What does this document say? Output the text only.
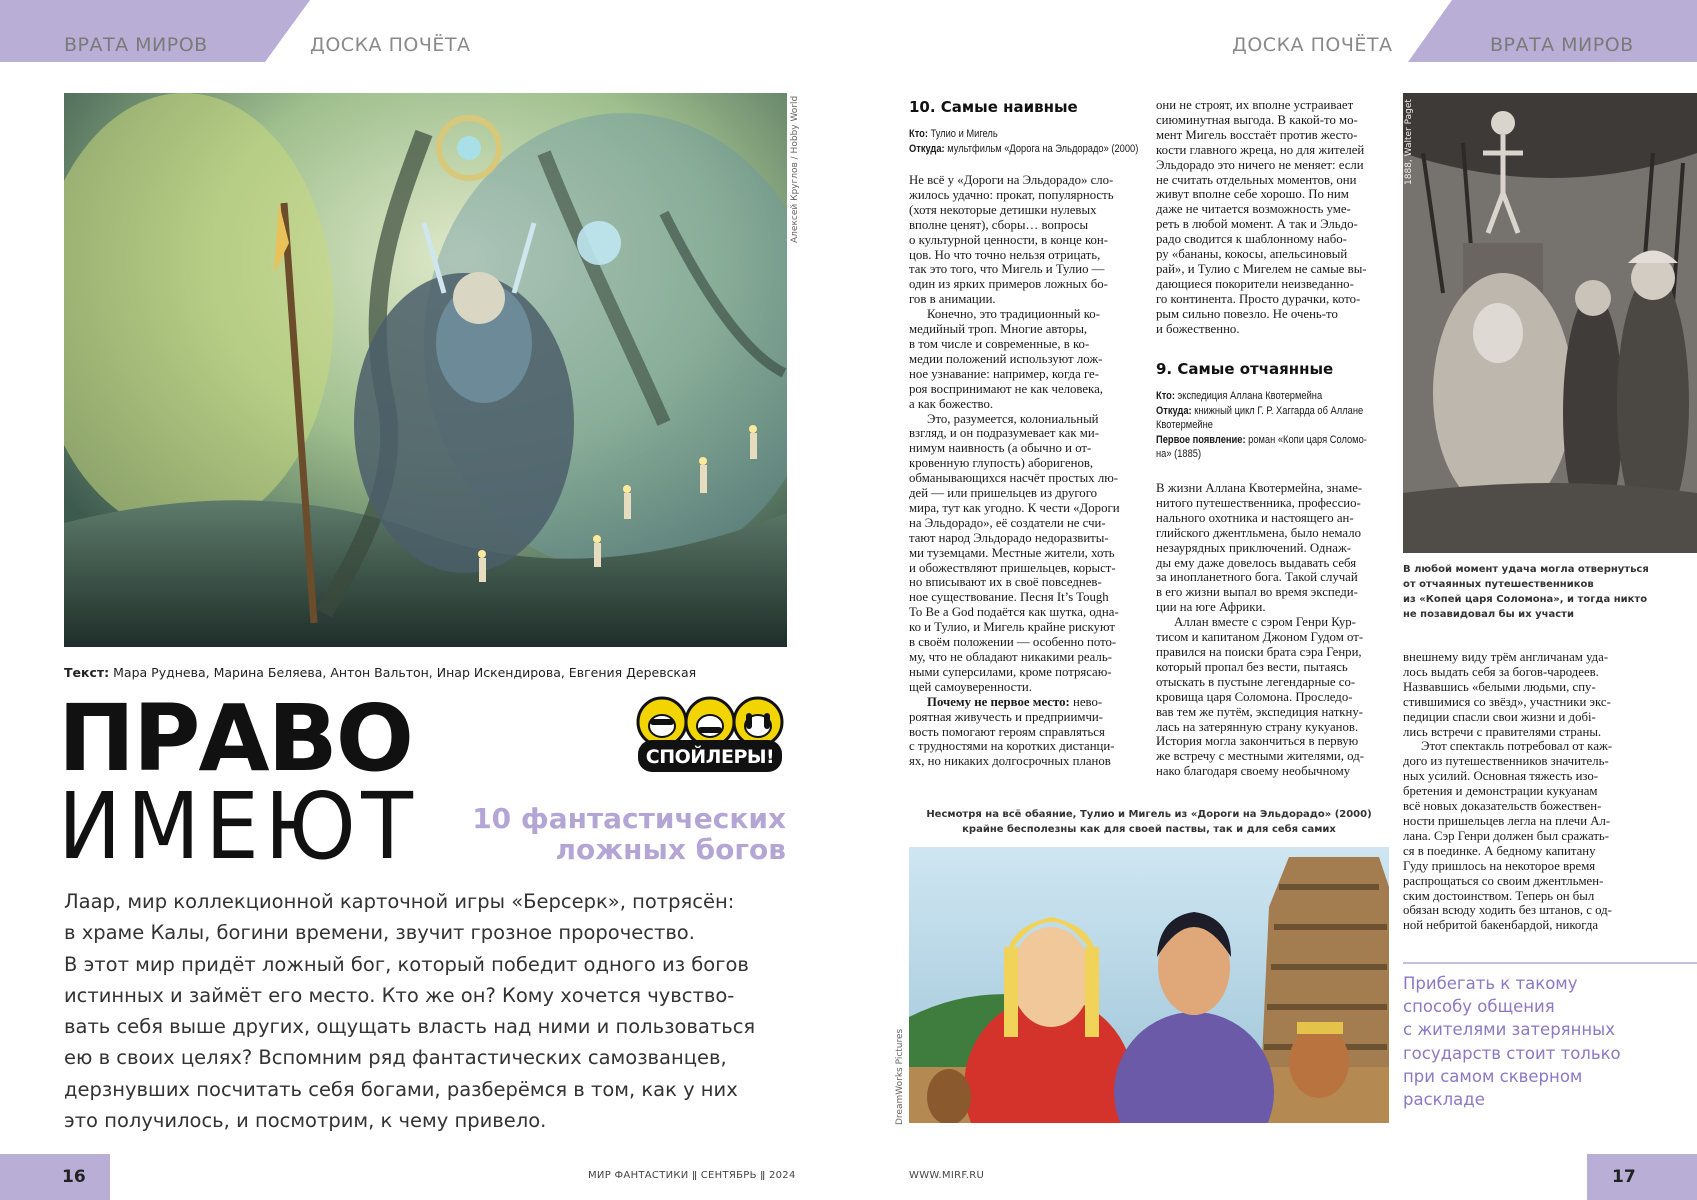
ВРАТА МИРОВ	ДОСКА ПОЧЁТА	ДОСКА ПОЧЁТА	ВРАТА МИРОВ
Алексей Круглов / Hobby World
Текст: Мара Руднева, Марина Беляева, Антон Вальтон, Инар Искендирова, Евгения Деревская
ПРАВО
ИМЕЮТ
СПОЙЛЕРЫ!
10 фантастических
ложных богов
Лаар, мир коллекционной карточной игры «Берсерк», потрясён:
в храме Калы, богини времени, звучит грозное пророчество.
В этот мир придёт ложный бог, который победит одного из богов
истинных и займёт его место. Кто же он? Кому хочется чувство-
вать себя выше других, ощущать власть над ними и пользоваться
ею в своих целях? Вспомним ряд фантастических самозванцев,
дерзнувших посчитать себя богами, разберёмся в том, как у них
это получилось, и посмотрим, к чему привело.
10. Самые наивные
Кто: Тулио и Мигель
Откуда: мультфильм «Дорога на Эльдорадо» (2000)

Не всё у «Дороги на Эльдорадо» сло-
жилось удачно: прокат, популярность
(хотя некоторые детишки нулевых
вполне ценят), сборы… вопросы
о культурной ценности, в конце кон-
цов. Но что точно нельзя отрицать,
так это того, что Мигель и Тулио —
один из ярких примеров ложных бо-
гов в анимации.

Конечно, это традиционный ко-
медийный троп. Многие авторы,
в том числе и современные, в ко-
медии положений используют лож-
ное узнавание: например, когда ге-
роя воспринимают не как человека,
а как божество.

Это, разумеется, колониальный
взгляд, и он подразумевает как ми-
нимум наивность (а обычно и от-
кровенную глупость) аборигенов,
обманывающихся насчёт простых лю-
дей — или пришельцев из другого
мира, тут как угодно. К чести «Дороги
на Эльдорадо», её создатели не счи-
тают народ Эльдорадо недоразвиты-
ми туземцами. Местные жители, хоть
и обожествляют пришельцев, корыст-
но вписывают их в своё повседнев-
ное существование. Песня It’s Tough
To Be a God подаётся как шутка, одна-
ко и Тулио, и Мигель крайне рискуют
в своём положении — особенно пото-
му, что не обладают никакими реаль-
ными суперсилами, кроме потрясаю-
щей самоуверенности.

Почему не первое место: нево-
роятная живучесть и предприимчи-
вость помогают героям справляться
с трудностями на коротких дистанци-
ях, но никаких долгосрочных планов

они не строят, их вполне устраивает
сиюминутная выгода. В какой-то мо-
мент Мигель восстаёт против жесто-
кости главного жреца, но для жителей
Эльдорадо это ничего не меняет: если
не считать отдельных моментов, они
живут вполне себе хорошо. По ним
даже не читается возможность уме-
реть в любой момент. А так и Эльдо-
радо сводится к шаблонному набо-
ру «бананы, кокосы, апельсиновый
рай», и Тулио с Мигелем не самые вы-
дающиеся покорители неизведанно-
го континента. Просто дурачки, кото-
рым сильно повезло. Не очень-то
и божественно.

9. Самые отчаянные
Кто: экспедиция Аллана Квотермейна
Откуда: книжный цикл Г. Р. Хаггарда об Аллане
Квотермейне
Первое появление: роман «Копи царя Соломо-
на» (1885)

В жизни Аллана Квотермейна, знаме-
нитого путешественника, профессио-
нального охотника и настоящего ан-
глийского джентльмена, было немало
незаурядных приключений. Однаж-
ды ему даже довелось выдавать себя
за инопланетного бога. Такой случай
в его жизни выпал во время экспеди-
ции на юге Африки.

Аллан вместе с сэром Генри Кур-
тисом и капитаном Джоном Гудом от-
правился на поиски брата сэра Генри,
который пропал без вести, пытаясь
отыскать в пустыне легендарные со-
кровища царя Соломона. Проследо-
вав тем же путём, экспедиция наткну-
лась на затерянную страну кукуанов.
История могла закончиться в первую
же встречу с местными жителями, од-
нако благодаря своему необычному

Несмотря на всё обаяние, Тулио и Мигель из «Дороги на Эльдорадо» (2000)
крайне бесполезны как для своей паствы, так и для себя самих
DreamWorks Pictures
1888, Walter Paget
В любой момент удача могла отвернуться
от отчаянных путешественников
из «Копей царя Соломона», и тогда никто
не позавидовал бы их участи

внешнему виду трём англичанам уда-
лось выдать себя за богов-чародеев.
Назвавшись «белыми людьми, спу-
стившимися со звёзд», участники экс-
педиции спасли свои жизни и добі-
лись встречи с правителями страны.

Этот спектакль потребовал от каж-
дого из путешественников значитель-
ных усилий. Основная тяжесть изо-
бретения и демонстрации кукуанам
всё новых доказательств божествен-
ности пришельцев легла на плечи Ал-
лана. Сэр Генри должен был сражать-
ся в поединке. А бедному капитану
Гуду пришлось на некоторое время
распрощаться со своим джентльмен-
ским достоинством. Теперь он был
обязан всюду ходить без штанов, с од-
ной небритой бакенбардой, никогда

Прибегать к такому
способу общения
с жителями затерянных
государств стоит только
при самом скверном
раскладе
16	МИР ФАНТАСТИКИ ǁ СЕНТЯБРЬ ǁ 2024	WWW.MIRF.RU	17
